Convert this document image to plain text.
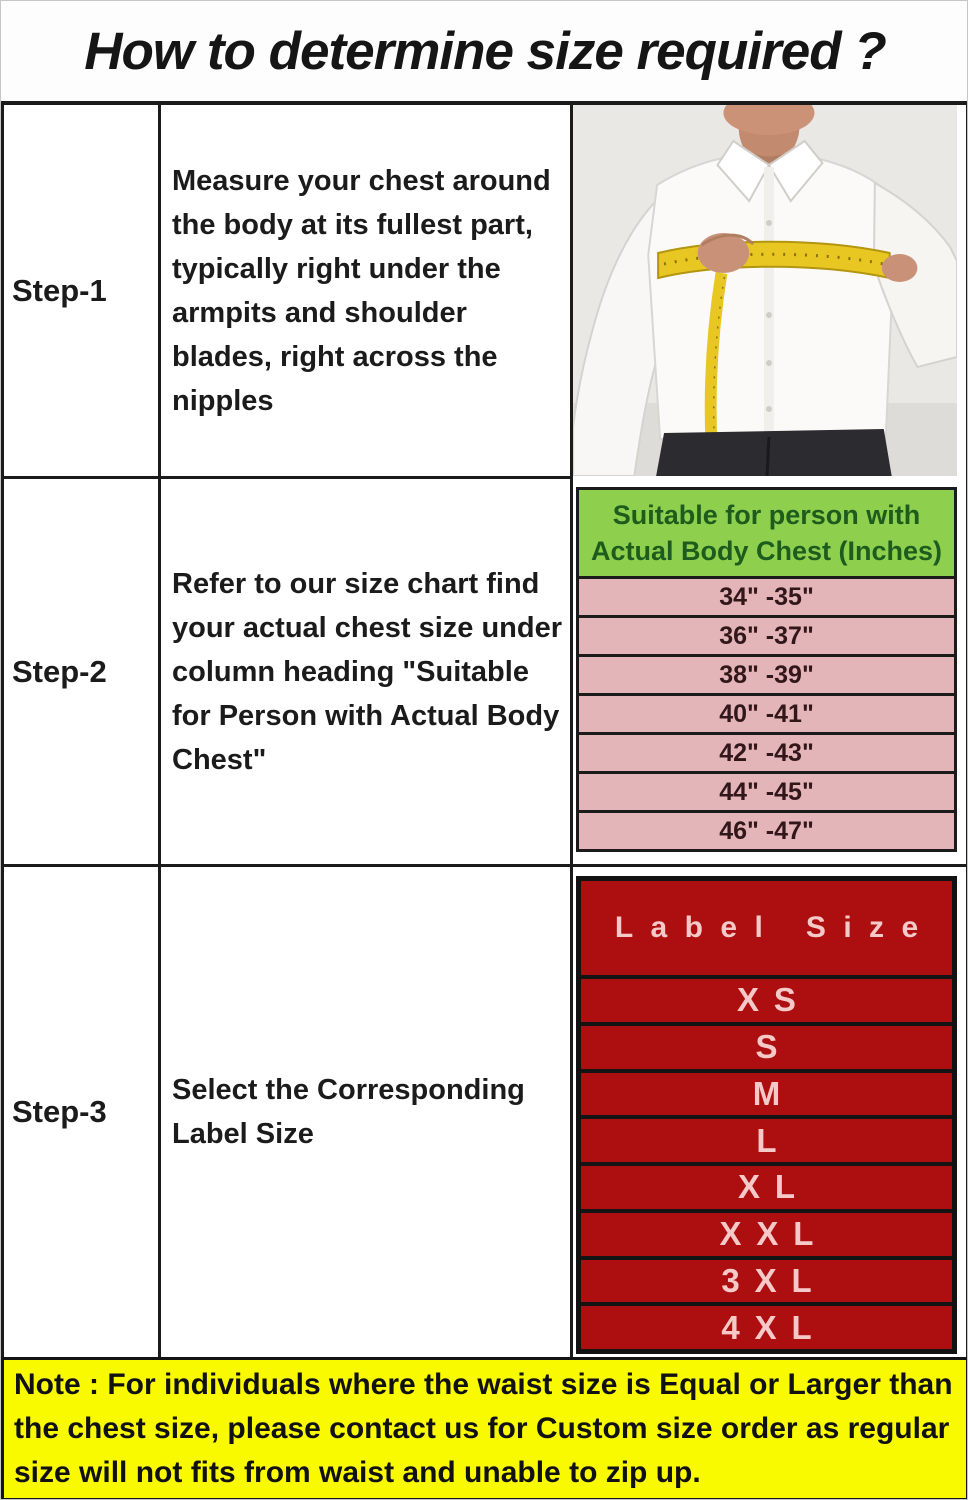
How to determine size required ?
Step-1
Measure your chest around
the body at its fullest part,
typically right under the
armpits and shoulder
blades, right across the
nipples
Step-2
Refer to our size chart find
your actual chest size under
column heading "Suitable
for Person with Actual Body
Chest"
Suitable for person with
Actual Body Chest (Inches)
34" -35"
36" -37"
38" -39"
40" -41"
42" -43"
44" -45"
46" -47"
Step-3
Select the Corresponding
Label Size
Label Size
XS
S
M
L
XL
XXL
3XL
4XL
Note : For individuals where the waist size is Equal or Larger than
the chest size, please contact us for Custom size order as regular
size will not fits from waist and unable to zip up.
